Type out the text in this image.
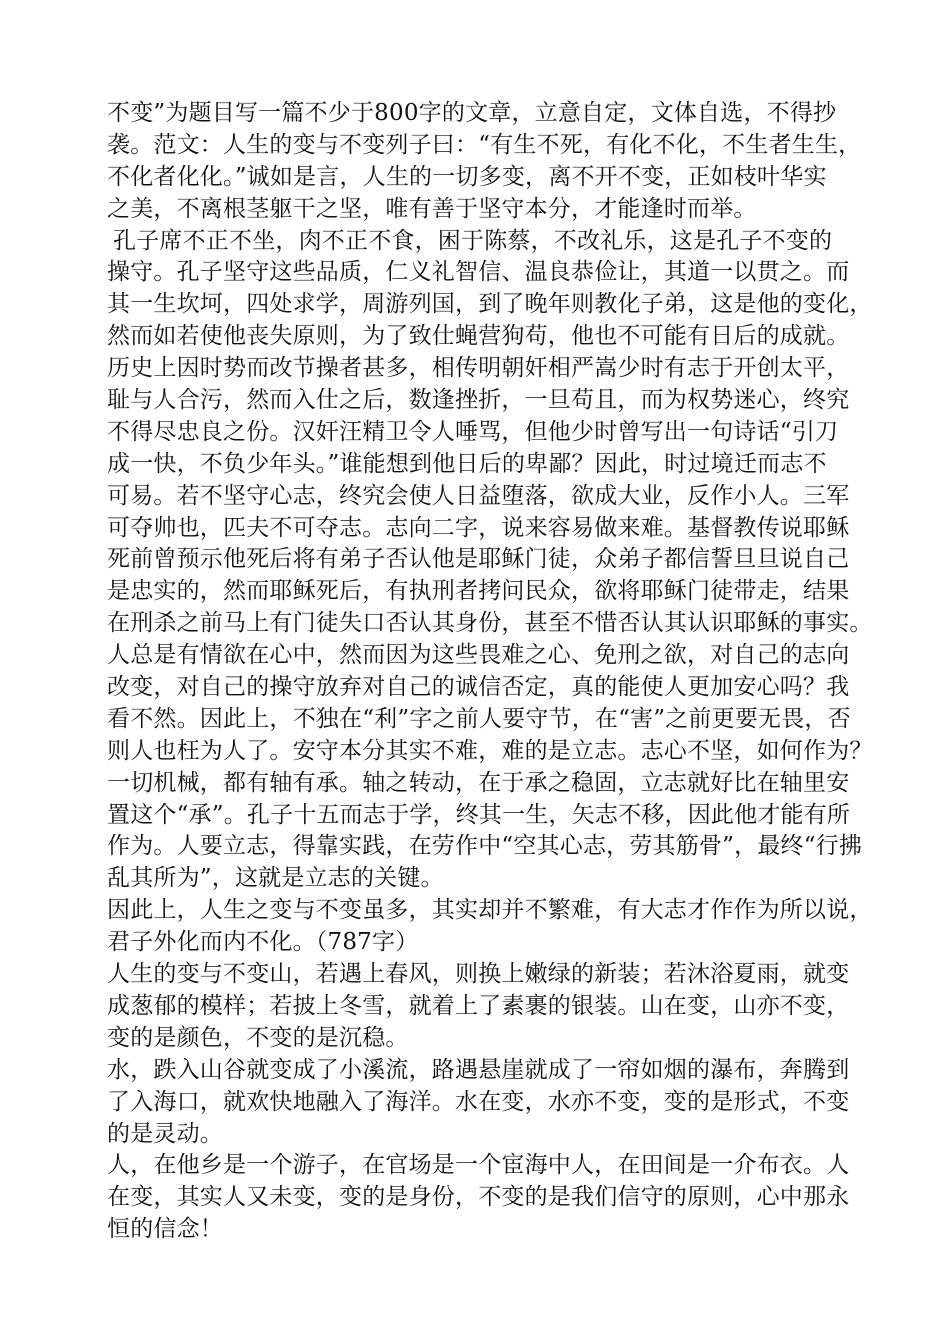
不变”为题目写一篇不少于800字的文章，立意自定，文体自选，不得抄
袭。范文：人生的变与不变列子曰：“有生不死，有化不化，不生者生生，
不化者化化。”诚如是言，人生的一切多变，离不开不变，正如枝叶华实
之美，不离根茎躯干之坚，唯有善于坚守本分，才能逢时而举。
孔子席不正不坐，肉不正不食，困于陈蔡，不改礼乐，这是孔子不变的
操守。孔子坚守这些品质，仁义礼智信、温良恭俭让，其道一以贯之。而
其一生坎坷，四处求学，周游列国，到了晚年则教化子弟，这是他的变化，
然而如若使他丧失原则，为了致仕蝇营狗苟，他也不可能有日后的成就。
历史上因时势而改节操者甚多，相传明朝奸相严嵩少时有志于开创太平，
耻与人合污，然而入仕之后，数逢挫折，一旦苟且，而为权势迷心，终究
不得尽忠良之份。汉奸汪精卫令人唾骂，但他少时曾写出一句诗话“引刀
成一快，不负少年头。”谁能想到他日后的卑鄙？因此，时过境迁而志不
可易。若不坚守心志，终究会使人日益堕落，欲成大业，反作小人。三军
可夺帅也，匹夫不可夺志。志向二字，说来容易做来难。基督教传说耶稣
死前曾预示他死后将有弟子否认他是耶稣门徒，众弟子都信誓旦旦说自己
是忠实的，然而耶稣死后，有执刑者拷问民众，欲将耶稣门徒带走，结果
在刑杀之前马上有门徒失口否认其身份，甚至不惜否认其认识耶稣的事实。
人总是有情欲在心中，然而因为这些畏难之心、免刑之欲，对自己的志向
改变，对自己的操守放弃对自己的诚信否定，真的能使人更加安心吗？我
看不然。因此上，不独在“利”字之前人要守节，在“害”之前更要无畏，否
则人也枉为人了。安守本分其实不难，难的是立志。志心不坚，如何作为？
一切机械，都有轴有承。轴之转动，在于承之稳固，立志就好比在轴里安
置这个“承”。孔子十五而志于学，终其一生，矢志不移，因此他才能有所
作为。人要立志，得靠实践，在劳作中“空其心志，劳其筋骨”，最终“行拂
乱其所为”，这就是立志的关键。
因此上，人生之变与不变虽多，其实却并不繁难，有大志才作作为所以说，
君子外化而内不化。（787字）
人生的变与不变山，若遇上春风，则换上嫩绿的新装；若沐浴夏雨，就变
成葱郁的模样；若披上冬雪，就着上了素裹的银装。山在变，山亦不变，
变的是颜色，不变的是沉稳。
水，跌入山谷就变成了小溪流，路遇悬崖就成了一帘如烟的瀑布，奔腾到
了入海口，就欢快地融入了海洋。水在变，水亦不变，变的是形式，不变
的是灵动。
人，在他乡是一个游子，在官场是一个宦海中人，在田间是一介布衣。人
在变，其实人又未变，变的是身份，不变的是我们信守的原则，心中那永
恒的信念！
